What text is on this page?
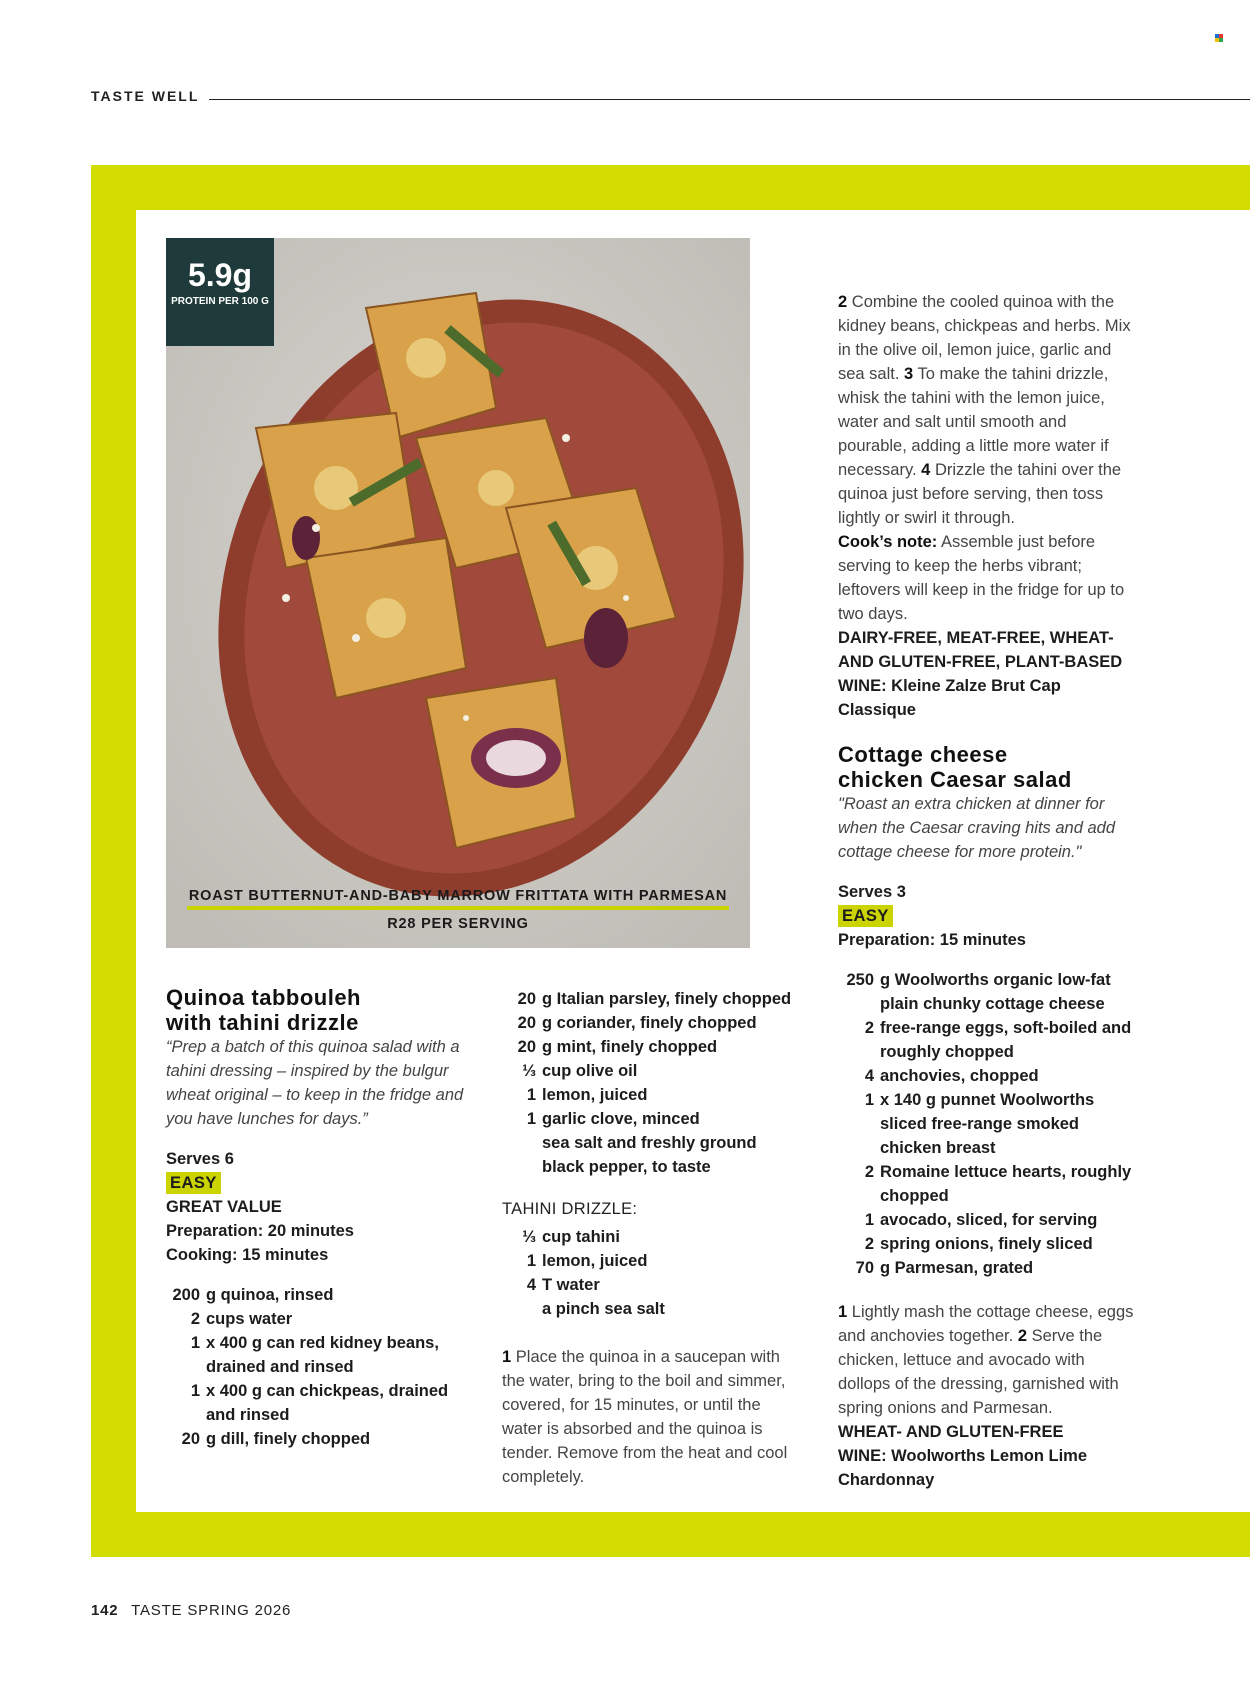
TASTE WELL
5.9g
PROTEIN PER 100 G
ROAST BUTTERNUT-AND-BABY MARROW FRITTATA WITH PARMESAN
R28 PER SERVING
Quinoa tabbouleh
with tahini drizzle

“Prep a batch of this quinoa salad with a tahini dressing – inspired by the bulgur wheat original – to keep in the fridge and you have lunches for days.”

Serves 6

EASY

GREAT VALUE

Preparation: 20 minutes

Cooking: 15 minutes

200 g quinoa, rinsed
2 cups water
1 x 400 g can red kidney beans, drained and rinsed
1 x 400 g can chickpeas, drained and rinsed
20 g dill, finely chopped
20 g Italian parsley, finely chopped
20 g coriander, finely chopped
20 g mint, finely chopped
⅓ cup olive oil
1 lemon, juiced
1 garlic clove, minced
sea salt and freshly ground black pepper, to taste

TAHINI DRIZZLE:

⅓ cup tahini
1 lemon, juiced
4 T water
a pinch sea salt

1 Place the quinoa in a saucepan with the water, bring to the boil and simmer, covered, for 15 minutes, or until the water is absorbed and the quinoa is tender. Remove from the heat and cool completely.

2 Combine the cooled quinoa with the kidney beans, chickpeas and herbs. Mix in the olive oil, lemon juice, garlic and sea salt. 3 To make the tahini drizzle, whisk the tahini with the lemon juice, water and salt until smooth and pourable, adding a little more water if necessary. 4 Drizzle the tahini over the quinoa just before serving, then toss lightly or swirl it through.

Cook’s note: Assemble just before serving to keep the herbs vibrant; leftovers will keep in the fridge for up to two days.

DAIRY-FREE, MEAT-FREE, WHEAT- AND GLUTEN-FREE, PLANT-BASED

WINE: Kleine Zalze Brut Cap Classique

Cottage cheese
chicken Caesar salad

"Roast an extra chicken at dinner for when the Caesar craving hits and add cottage cheese for more protein."

Serves 3

EASY

Preparation: 15 minutes

250 g Woolworths organic low-fat plain chunky cottage cheese
2 free-range eggs, soft-boiled and roughly chopped
4 anchovies, chopped
1 x 140 g punnet Woolworths sliced free-range smoked chicken breast
2 Romaine lettuce hearts, roughly chopped
1 avocado, sliced, for serving
2 spring onions, finely sliced
70 g Parmesan, grated

1 Lightly mash the cottage cheese, eggs and anchovies together. 2 Serve the chicken, lettuce and avocado with dollops of the dressing, garnished with spring onions and Parmesan.

WHEAT- AND GLUTEN-FREE

WINE: Woolworths Lemon Lime Chardonnay

142 TASTE SPRING 2026
